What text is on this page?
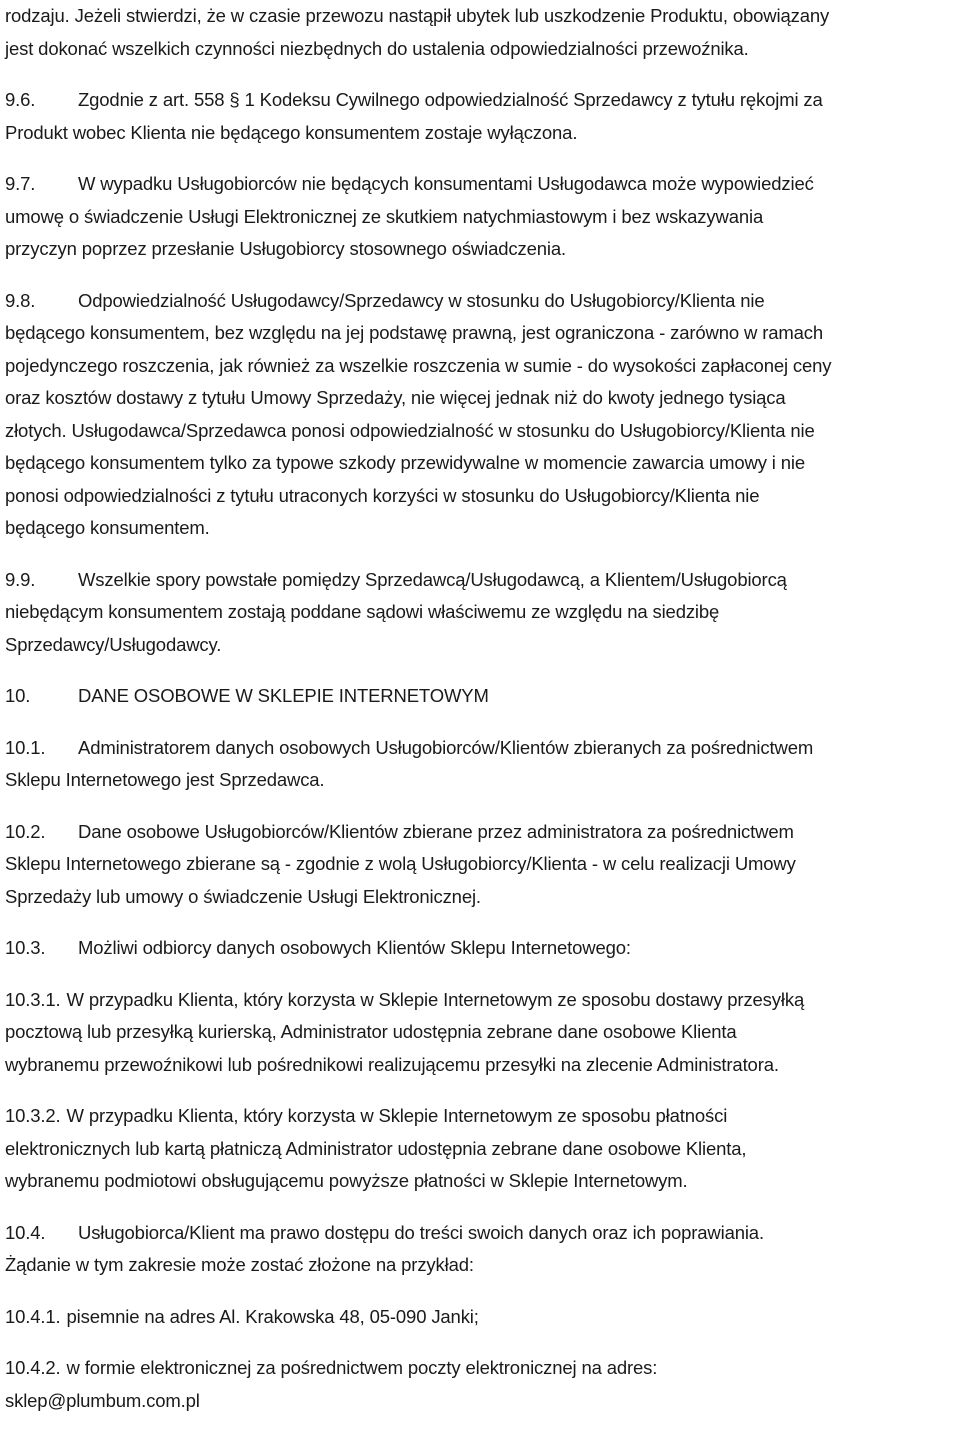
rodzaju. Jeżeli stwierdzi, że w czasie przewozu nastąpił ubytek lub uszkodzenie Produktu, obowiązany
jest dokonać wszelkich czynności niezbędnych do ustalenia odpowiedzialności przewoźnika.
9.6. Zgodnie z art. 558 § 1 Kodeksu Cywilnego odpowiedzialność Sprzedawcy z tytułu rękojmi za
Produkt wobec Klienta nie będącego konsumentem zostaje wyłączona.
9.7. W wypadku Usługobiorców nie będących konsumentami Usługodawca może wypowiedzieć
umowę o świadczenie Usługi Elektronicznej ze skutkiem natychmiastowym i bez wskazywania
przyczyn poprzez przesłanie Usługobiorcy stosownego oświadczenia.
9.8. Odpowiedzialność Usługodawcy/Sprzedawcy w stosunku do Usługobiorcy/Klienta nie
będącego konsumentem, bez względu na jej podstawę prawną, jest ograniczona - zarówno w ramach
pojedynczego roszczenia, jak również za wszelkie roszczenia w sumie - do wysokości zapłaconej ceny
oraz kosztów dostawy z tytułu Umowy Sprzedaży, nie więcej jednak niż do kwoty jednego tysiąca
złotych. Usługodawca/Sprzedawca ponosi odpowiedzialność w stosunku do Usługobiorcy/Klienta nie
będącego konsumentem tylko za typowe szkody przewidywalne w momencie zawarcia umowy i nie
ponosi odpowiedzialności z tytułu utraconych korzyści w stosunku do Usługobiorcy/Klienta nie
będącego konsumentem.
9.9. Wszelkie spory powstałe pomiędzy Sprzedawcą/Usługodawcą, a Klientem/Usługobiorcą
niebędącym konsumentem zostają poddane sądowi właściwemu ze względu na siedzibę
Sprzedawcy/Usługodawcy.
10.	DANE OSOBOWE W SKLEPIE INTERNETOWYM
10.1. Administratorem danych osobowych Usługobiorców/Klientów zbieranych za pośrednictwem
Sklepu Internetowego jest Sprzedawca.
10.2. Dane osobowe Usługobiorców/Klientów zbierane przez administratora za pośrednictwem
Sklepu Internetowego zbierane są - zgodnie z wolą Usługobiorcy/Klienta - w celu realizacji Umowy
Sprzedaży lub umowy o świadczenie Usługi Elektronicznej.
10.3. Możliwi odbiorcy danych osobowych Klientów Sklepu Internetowego:
10.3.1. W przypadku Klienta, który korzysta w Sklepie Internetowym ze sposobu dostawy przesyłką
pocztową lub przesyłką kurierską, Administrator udostępnia zebrane dane osobowe Klienta
wybranemu przewoźnikowi lub pośrednikowi realizującemu przesyłki na zlecenie Administratora.
10.3.2. W przypadku Klienta, który korzysta w Sklepie Internetowym ze sposobu płatności
elektronicznych lub kartą płatniczą Administrator udostępnia zebrane dane osobowe Klienta,
wybranemu podmiotowi obsługującemu powyższe płatności w Sklepie Internetowym.
10.4. Usługobiorca/Klient ma prawo dostępu do treści swoich danych oraz ich poprawiania.
Żądanie w tym zakresie może zostać złożone na przykład:
10.4.1. pisemnie na adres Al. Krakowska 48, 05-090 Janki;
10.4.2. w formie elektronicznej za pośrednictwem poczty elektronicznej na adres:
sklep@plumbum.com.pl
